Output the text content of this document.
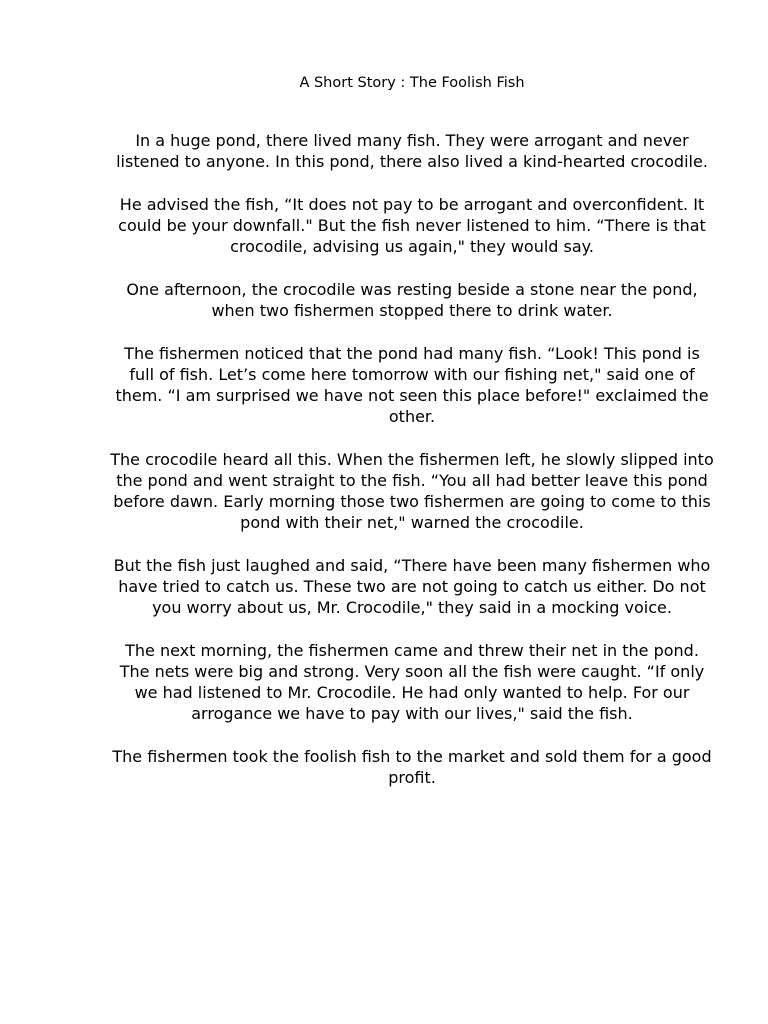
A Short Story : The Foolish Fish

In a huge pond, there lived many fish. They were arrogant and never listened to anyone. In this pond, there also lived a kind-hearted crocodile.

He advised the fish, “It does not pay to be arrogant and overconfident. It could be your downfall." But the fish never listened to him. “There is that crocodile, advising us again," they would say.

One afternoon, the crocodile was resting beside a stone near the pond, when two fishermen stopped there to drink water.

The fishermen noticed that the pond had many fish. “Look! This pond is full of fish. Let’s come here tomorrow with our fishing net," said one of them. “I am surprised we have not seen this place before!" exclaimed the other.

The crocodile heard all this. When the fishermen left, he slowly slipped into the pond and went straight to the fish. “You all had better leave this pond before dawn. Early morning those two fishermen are going to come to this pond with their net," warned the crocodile.

But the fish just laughed and said, “There have been many fishermen who have tried to catch us. These two are not going to catch us either. Do not you worry about us, Mr. Crocodile," they said in a mocking voice.

The next morning, the fishermen came and threw their net in the pond. The nets were big and strong. Very soon all the fish were caught. “If only we had listened to Mr. Crocodile. He had only wanted to help. For our arrogance we have to pay with our lives," said the fish.

The fishermen took the foolish fish to the market and sold them for a good profit.
